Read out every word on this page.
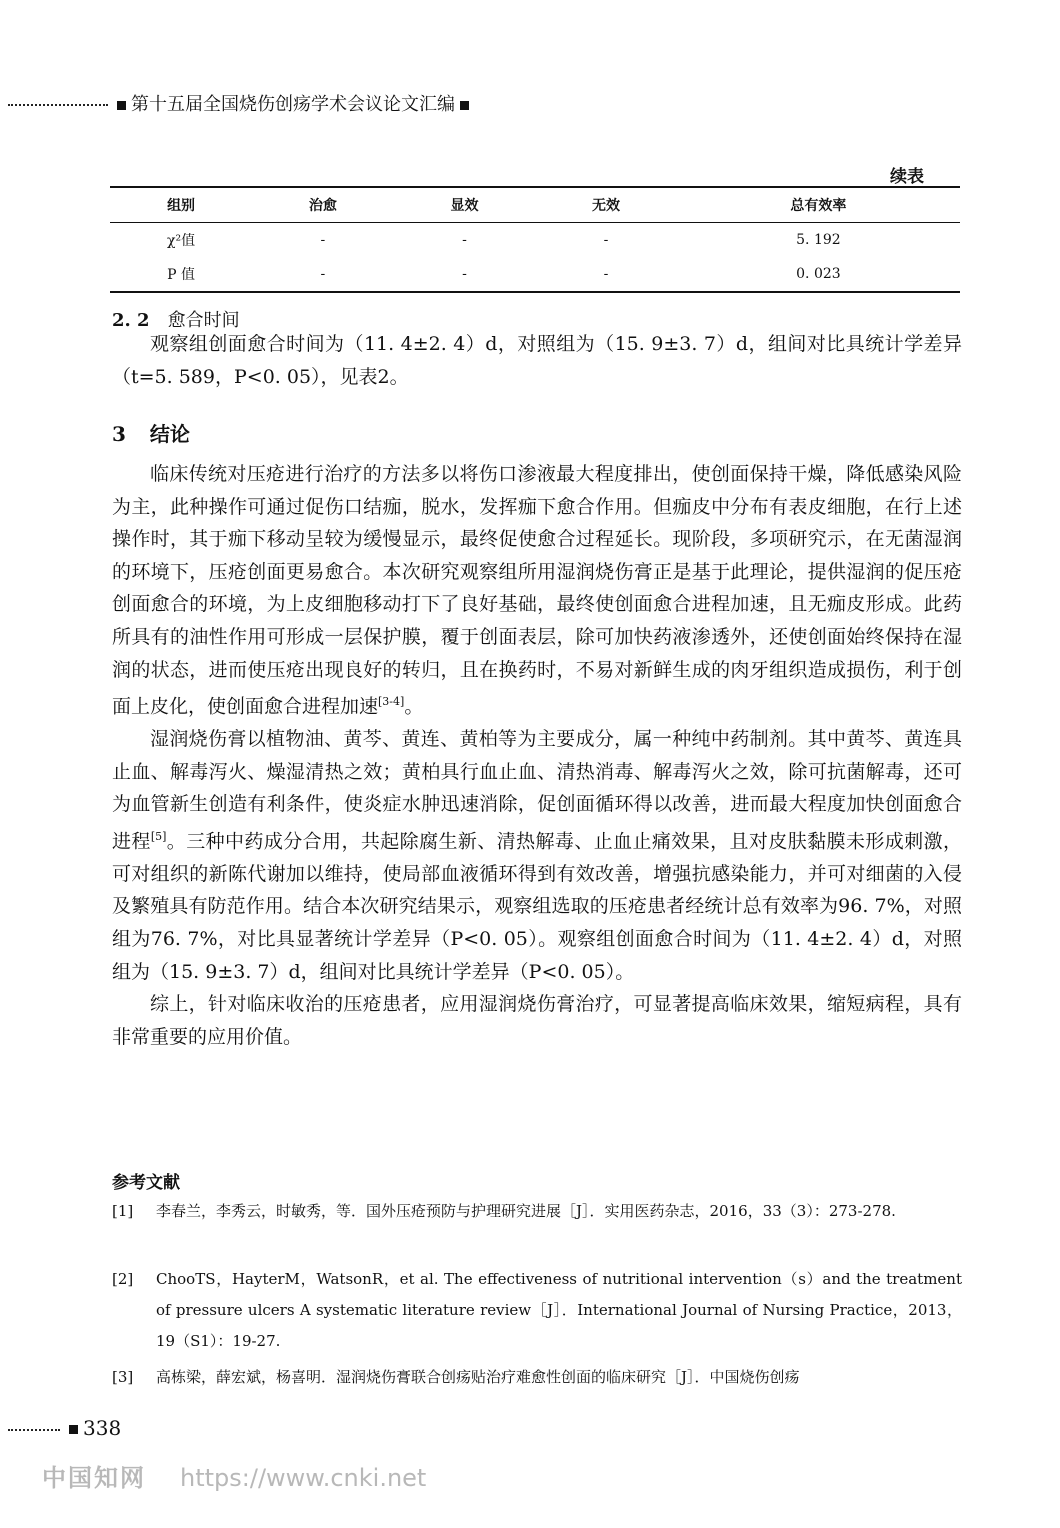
第十五届全国烧伤创疡学术会议论文汇编
续表
组别	治愈	显效	无效	总有效率
χ²值	-	-	-	5. 192
P 值	-	-	-	0. 023
2. 2 愈合时间

观察组创面愈合时间为（11. 4±2. 4）d，对照组为（15. 9±3. 7）d，组间对比具统计学差异（t=5. 589，P<0. 05），见表2。

3 结论

临床传统对压疮进行治疗的方法多以将伤口渗液最大程度排出，使创面保持干燥，降低感染风险为主，此种操作可通过促伤口结痂，脱水，发挥痂下愈合作用。但痂皮中分布有表皮细胞，在行上述操作时，其于痂下移动呈较为缓慢显示，最终促使愈合过程延长。现阶段，多项研究示，在无菌湿润的环境下，压疮创面更易愈合。本次研究观察组所用湿润烧伤膏正是基于此理论，提供湿润的促压疮创面愈合的环境，为上皮细胞移动打下了良好基础，最终使创面愈合进程加速，且无痂皮形成。此药所具有的油性作用可形成一层保护膜，覆于创面表层，除可加快药液渗透外，还使创面始终保持在湿润的状态，进而使压疮出现良好的转归，且在换药时，不易对新鲜生成的肉牙组织造成损伤，利于创面上皮化，使创面愈合进程加速[3-4]。

湿润烧伤膏以植物油、黄芩、黄连、黄柏等为主要成分，属一种纯中药制剂。其中黄芩、黄连具止血、解毒泻火、燥湿清热之效；黄柏具行血止血、清热消毒、解毒泻火之效，除可抗菌解毒，还可为血管新生创造有利条件，使炎症水肿迅速消除，促创面循环得以改善，进而最大程度加快创面愈合进程[5]。三种中药成分合用，共起除腐生新、清热解毒、止血止痛效果，且对皮肤黏膜未形成刺激，可对组织的新陈代谢加以维持，使局部血液循环得到有效改善，增强抗感染能力，并可对细菌的入侵及繁殖具有防范作用。结合本次研究结果示，观察组选取的压疮患者经统计总有效率为96. 7%，对照组为76. 7%，对比具显著统计学差异（P<0. 05）。观察组创面愈合时间为（11. 4±2. 4）d，对照组为（15. 9±3. 7）d，组间对比具统计学差异（P<0. 05）。

综上，针对临床收治的压疮患者，应用湿润烧伤膏治疗，可显著提高临床效果，缩短病程，具有非常重要的应用价值。

参考文献
[1] 李春兰，李秀云，时敏秀，等．国外压疮预防与护理研究进展［J］．实用医药杂志，2016，33（3）：273-278.
[2] ChooTS，HayterM，WatsonR，et al. The effectiveness of nutritional intervention（s）and the treatment of pressure ulcers A systematic literature review［J］．International Journal of Nursing Practice，2013，19（S1）：19-27.
[3] 高栋梁，薛宏斌，杨喜明．湿润烧伤膏联合创疡贴治疗难愈性创面的临床研究［J］．中国烧伤创疡
338
中国知网 https://www.cnki.net
